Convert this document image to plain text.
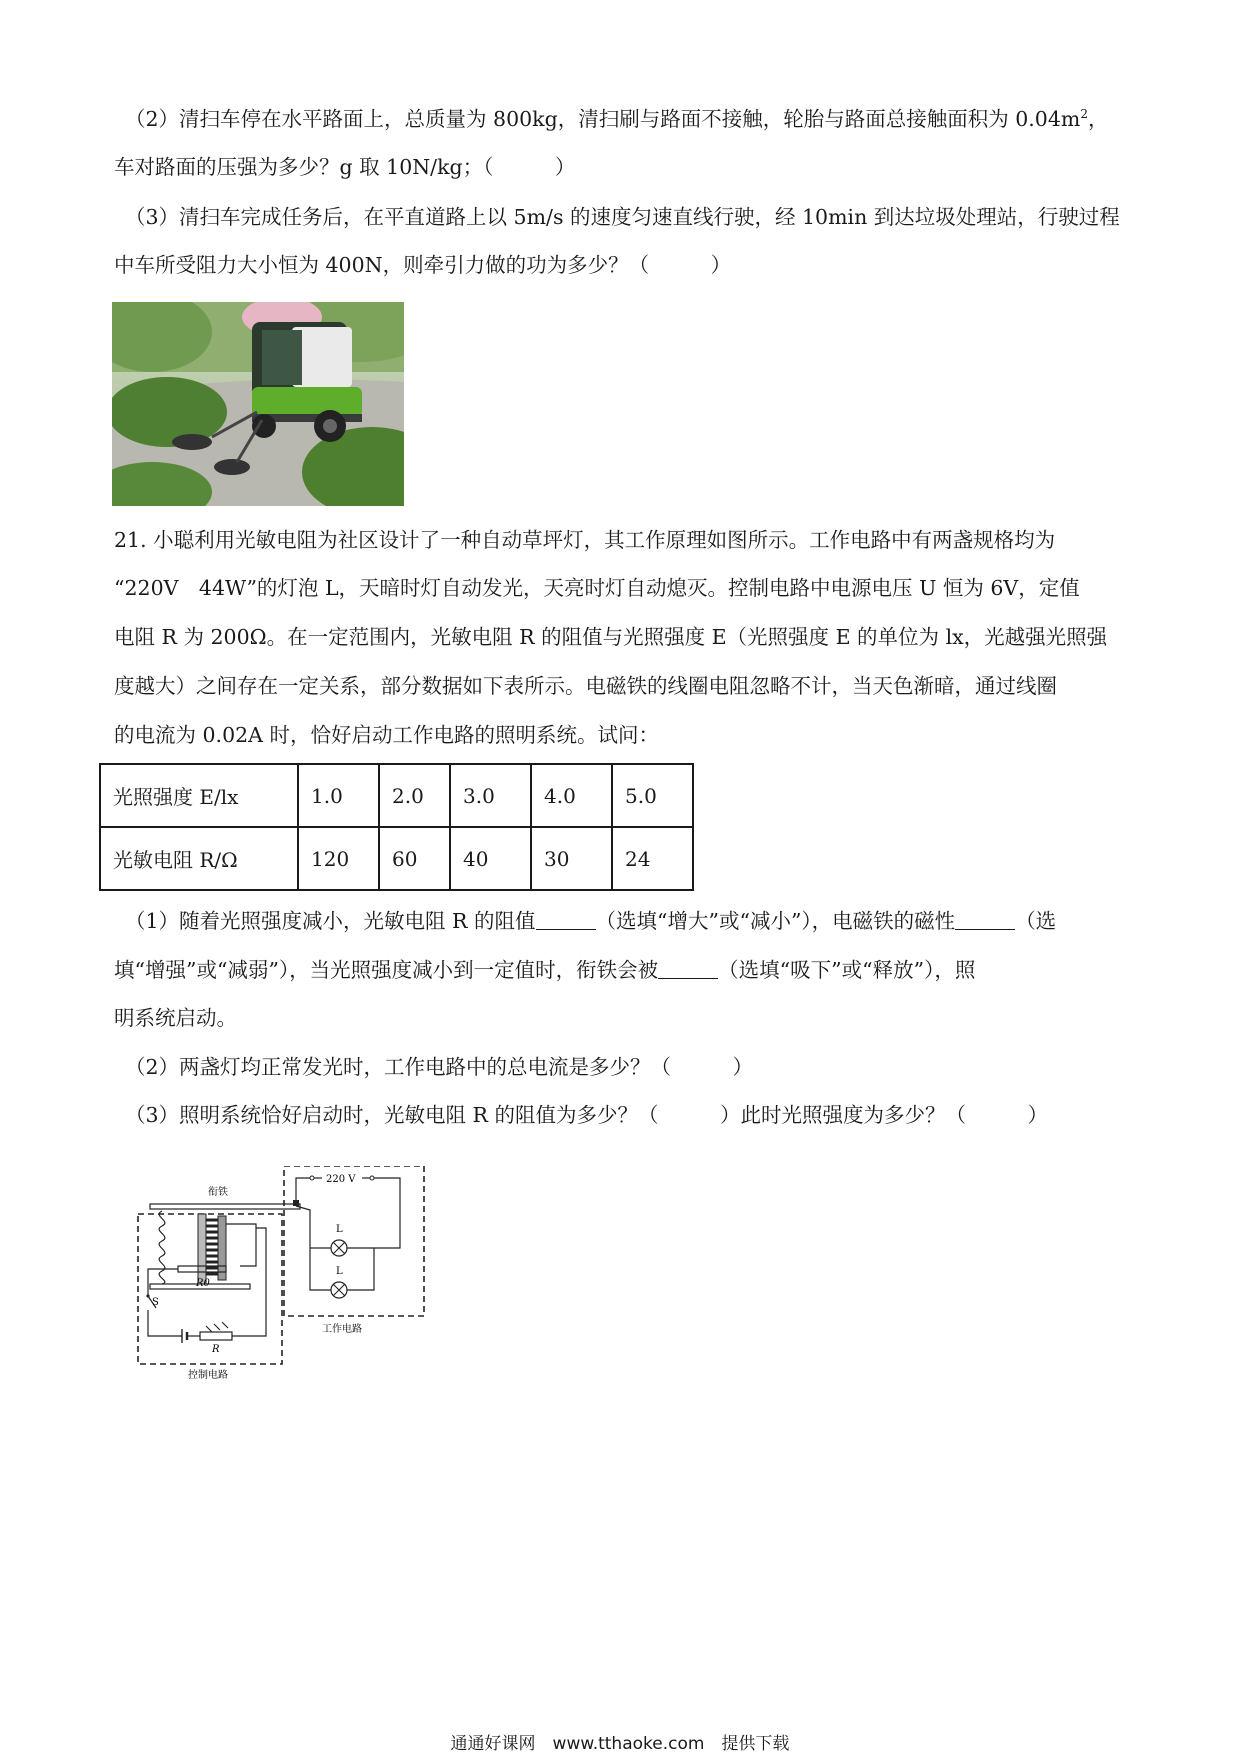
（2）清扫车停在水平路面上，总质量为 800kg，清扫刷与路面不接触，轮胎与路面总接触面积为 $0.04m^2$，
车对路面的压强为多少？g 取 10N/kg；（　　　）
（3）清扫车完成任务后，在平直道路上以 5m/s 的速度匀速直线行驶，经 10min 到达垃圾处理站，行驶过程
中车所受阻力大小恒为 400N，则牵引力做的功为多少？（　　　）
21. 小聪利用光敏电阻为社区设计了一种自动草坪灯，其工作原理如图所示。工作电路中有两盏规格均为
“220V　44W”的灯泡 L，天暗时灯自动发光，天亮时灯自动熄灭。控制电路中电源电压 U 恒为 6V，定值
电阻 R 为 200Ω。在一定范围内，光敏电阻 R 的阻值与光照强度 E（光照强度 E 的单位为 lx，光越强光照强
度越大）之间存在一定关系，部分数据如下表所示。电磁铁的线圈电阻忽略不计，当天色渐暗，通过线圈
的电流为 0.02A 时，恰好启动工作电路的照明系统。试问：
光照强度 E/lx	1.0	2.0	3.0	4.0	5.0
光敏电阻 R/Ω	120	60	40	30	24
（1）随着光照强度减小，光敏电阻 R 的阻值	（选填“增大”或“减小”），电磁铁的磁性	（选
填“增强”或“减弱”），当光照强度减小到一定值时，衔铁会被	（选填“吸下”或“释放”），照
明系统启动。
（2）两盏灯均正常发光时，工作电路中的总电流是多少？（　　　）
（3）照明系统恰好启动时，光敏电阻 R 的阻值为多少？（　　　）此时光照强度为多少？（　　　）
衔铁
R0
S
R
控制电路
220 V
L
L
工作电路
通通好课网　www.tthaoke.com　提供下载
